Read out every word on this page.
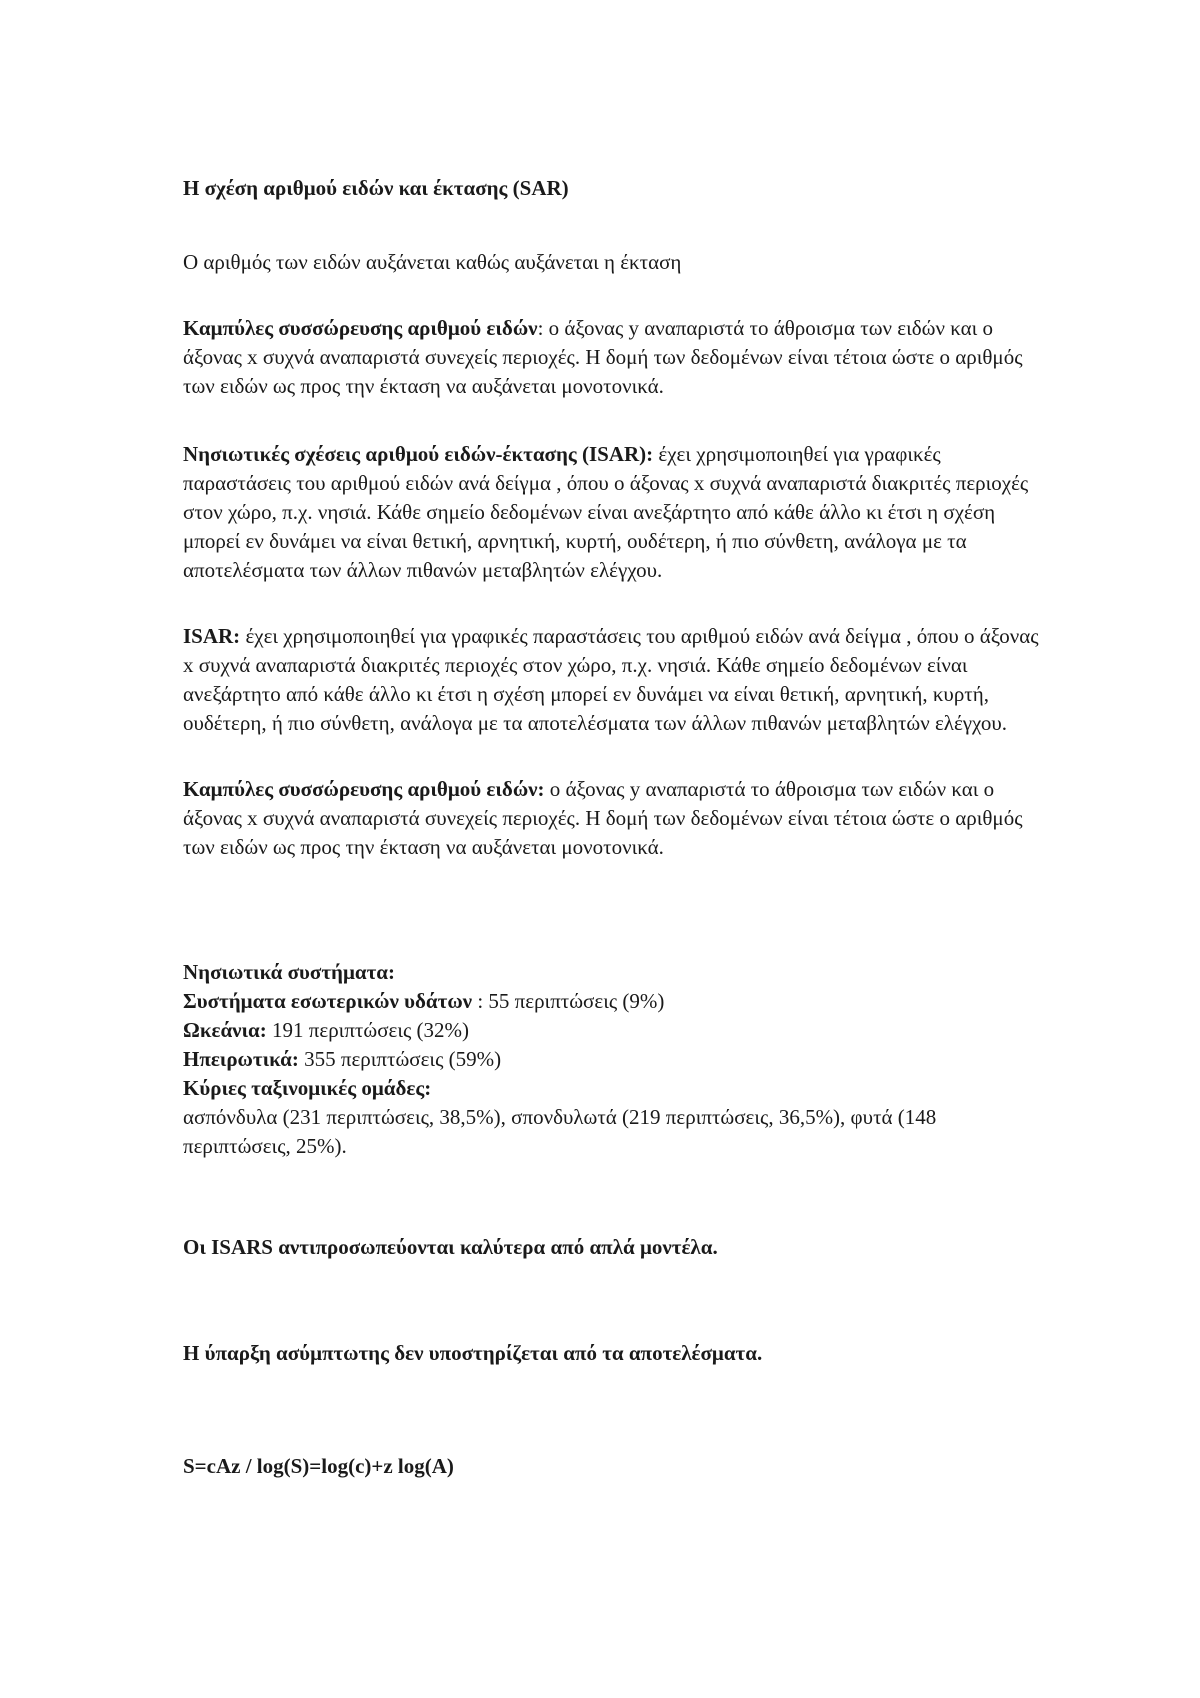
Η σχέση αριθμού ειδών και έκτασης (SAR)

Ο αριθμός των ειδών αυξάνεται καθώς αυξάνεται η έκταση

Καμπύλες συσσώρευσης αριθμού ειδών: ο άξονας y αναπαριστά το άθροισμα των ειδών και ο άξονας x συχνά αναπαριστά συνεχείς περιοχές. Η δομή των δεδομένων είναι τέτοια ώστε ο αριθμός των ειδών ως προς την έκταση να αυξάνεται μονοτονικά.

Νησιωτικές σχέσεις αριθμού ειδών-έκτασης (ISAR): έχει χρησιμοποιηθεί για γραφικές παραστάσεις του αριθμού ειδών ανά δείγμα , όπου ο άξονας x συχνά αναπαριστά διακριτές περιοχές στον χώρο, π.χ. νησιά. Κάθε σημείο δεδομένων είναι ανεξάρτητο από κάθε άλλο κι έτσι η σχέση μπορεί εν δυνάμει να είναι θετική, αρνητική, κυρτή, ουδέτερη, ή πιο σύνθετη, ανάλογα με τα αποτελέσματα των άλλων πιθανών μεταβλητών ελέγχου.

ISAR: έχει χρησιμοποιηθεί για γραφικές παραστάσεις του αριθμού ειδών ανά δείγμα , όπου ο άξονας x συχνά αναπαριστά διακριτές περιοχές στον χώρο, π.χ. νησιά. Κάθε σημείο δεδομένων είναι ανεξάρτητο από κάθε άλλο κι έτσι η σχέση μπορεί εν δυνάμει να είναι θετική, αρνητική, κυρτή, ουδέτερη, ή πιο σύνθετη, ανάλογα με τα αποτελέσματα των άλλων πιθανών μεταβλητών ελέγχου.

Καμπύλες συσσώρευσης αριθμού ειδών: ο άξονας y αναπαριστά το άθροισμα των ειδών και ο άξονας x συχνά αναπαριστά συνεχείς περιοχές. Η δομή των δεδομένων είναι τέτοια ώστε ο αριθμός των ειδών ως προς την έκταση να αυξάνεται μονοτονικά.

Νησιωτικά συστήματα:
Συστήματα εσωτερικών υδάτων : 55 περιπτώσεις (9%)
Ωκεάνια: 191 περιπτώσεις (32%)
Ηπειρωτικά: 355 περιπτώσεις (59%)
Κύριες ταξινομικές ομάδες:
ασπόνδυλα (231 περιπτώσεις, 38,5%), σπονδυλωτά (219 περιπτώσεις, 36,5%), φυτά (148 περιπτώσεις, 25%).

Οι ISARS αντιπροσωπεύονται καλύτερα από απλά μοντέλα.

Η ύπαρξη ασύμπτωτης δεν υποστηρίζεται από τα αποτελέσματα.

S=cAz / log(S)=log(c)+z log(A)
